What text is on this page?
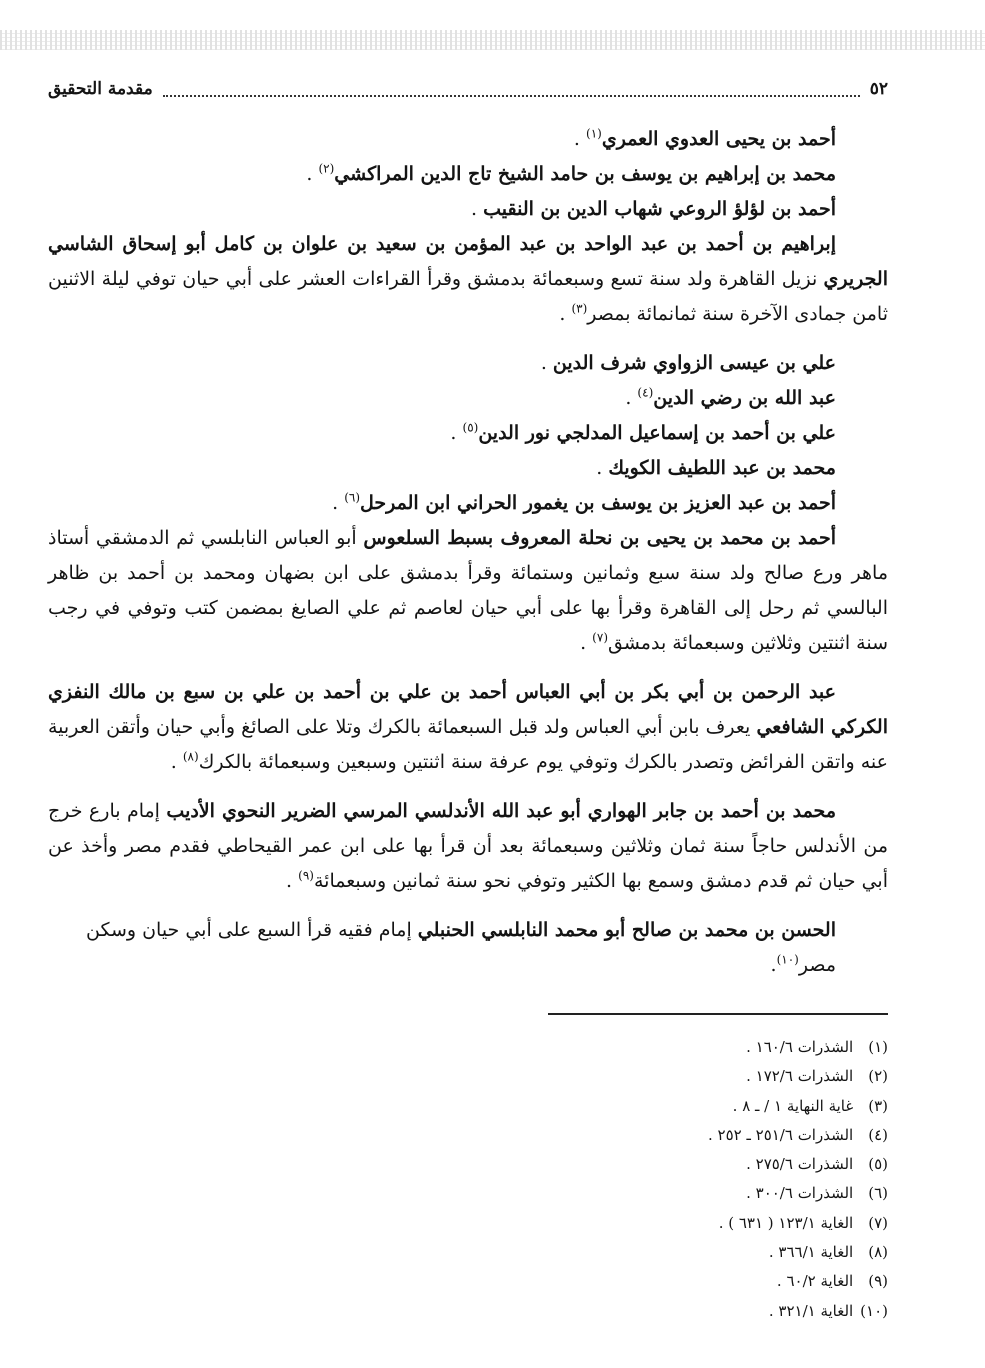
٥٢
مقدمة التحقيق

أحمد بن يحيى العدوي العمري$^{(١)}$ .

محمد بن إبراهيم بن يوسف بن حامد الشيخ تاج الدين المراكشي$^{(٢)}$ .

أحمد بن لؤلؤ الروعي شهاب الدين بن النقيب .

إبراهيم بن أحمد بن عبد الواحد بن عبد المؤمن بن سعيد بن علوان بن كامل أبو إسحاق الشاسي الجريري نزيل القاهرة ولد سنة تسع وسبعمائة بدمشق وقرأ القراءات العشر على أبي حيان توفي ليلة الاثنين ثامن جمادى الآخرة سنة ثمانمائة بمصر$^{(٣)}$ .

علي بن عيسى الزواوي شرف الدين .

عبد الله بن رضي الدين$^{(٤)}$ .

علي بن أحمد بن إسماعيل المدلجي نور الدين$^{(٥)}$ .

محمد بن عبد اللطيف الكويك .

أحمد بن عبد العزيز بن يوسف بن يغمور الحراني ابن المرحل$^{(٦)}$ .

أحمد بن محمد بن يحيى بن نحلة المعروف بسبط السلعوس أبو العباس النابلسي ثم الدمشقي أستاذ ماهر ورع صالح ولد سنة سبع وثمانين وستمائة وقرأ بدمشق على ابن بضهان ومحمد بن أحمد بن ظاهر البالسي ثم رحل إلى القاهرة وقرأ بها على أبي حيان لعاصم ثم علي الصايغ بمضمن كتب وتوفي في رجب سنة اثنتين وثلاثين وسبعمائة بدمشق$^{(٧)}$ .

عبد الرحمن بن أبي بكر بن أبي العباس أحمد بن علي بن أحمد بن علي بن سبع بن مالك النفزي الكركي الشافعي يعرف بابن أبي العباس ولد قبل السبعمائة بالكرك وتلا على الصائغ وأبي حيان وأتقن العربية عنه واتقن الفرائض وتصدر بالكرك وتوفي يوم عرفة سنة اثنتين وسبعين وسبعمائة بالكرك$^{(٨)}$ .

محمد بن أحمد بن جابر الهواري أبو عبد الله الأندلسي المرسي الضرير النحوي الأديب إمام بارع خرج من الأندلس حاجاً سنة ثمان وثلاثين وسبعمائة بعد أن قرأ بها على ابن عمر القيحاطي فقدم مصر وأخذ عن أبي حيان ثم قدم دمشق وسمع بها الكثير وتوفي نحو سنة ثمانين وسبعمائة$^{(٩)}$ .

الحسن بن محمد بن صالح أبو محمد النابلسي الحنبلي إمام فقيه قرأ السبع على أبي حيان وسكن مصر$^{(١٠)}$.

(١) الشذرات ١٦٠/٦ .

(٢) الشذرات ١٧٢/٦ .

(٣) غاية النهاية ١ / ـ ٨ .

(٤) الشذرات ٢٥١/٦ ـ ٢٥٢ .

(٥) الشذرات ٢٧٥/٦ .

(٦) الشذرات ٣٠٠/٦ .

(٧) الغاية ١٢٣/١ ( ٦٣١ ) .

(٨) الغاية ٣٦٦/١ .

(٩) الغاية ٦٠/٢ .

(١٠) الغاية ٣٢١/١ .
